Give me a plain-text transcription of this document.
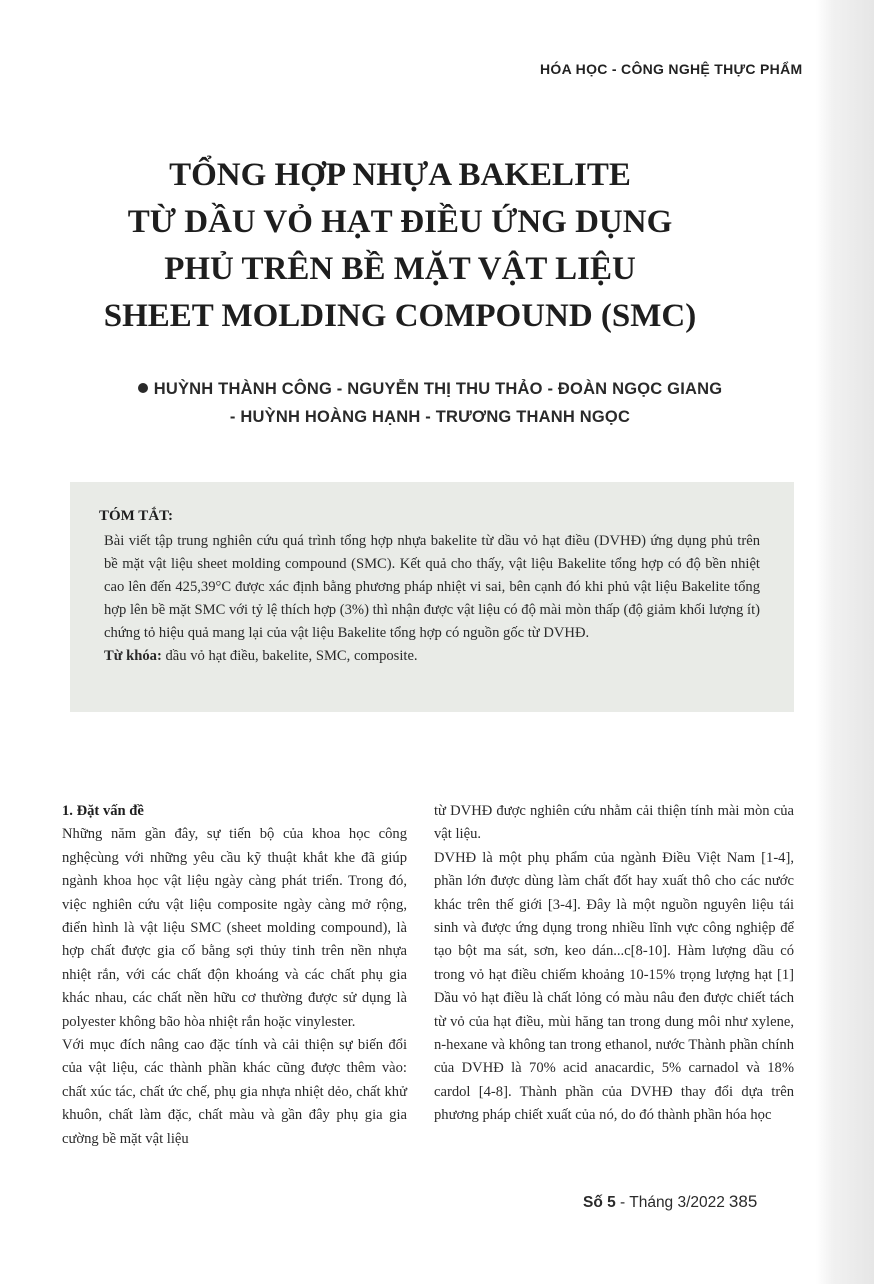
HÓA HỌC - CÔNG NGHỆ THỰC PHẨM
TỔNG HỢP NHỰA BAKELITE
TỪ DẦU VỎ HẠT ĐIỀU ỨNG DỤNG
PHỦ TRÊN BỀ MẶT VẬT LIỆU
SHEET MOLDING COMPOUND (SMC)
HUỲNH THÀNH CÔNG - NGUYỄN THỊ THU THẢO - ĐOÀN NGỌC GIANG
- HUỲNH HOÀNG HẠNH - TRƯƠNG THANH NGỌC
TÓM TẮT:

Bài viết tập trung nghiên cứu quá trình tổng hợp nhựa bakelite từ dầu vỏ hạt điều (DVHĐ) ứng dụng phủ trên bề mặt vật liệu sheet molding compound (SMC). Kết quả cho thấy, vật liệu Bakelite tổng hợp có độ bền nhiệt cao lên đến 425,39°C được xác định bằng phương pháp nhiệt vi sai, bên cạnh đó khi phủ vật liệu Bakelite tổng hợp lên bề mặt SMC với tỷ lệ thích hợp (3%) thì nhận được vật liệu có độ mài mòn thấp (độ giảm khối lượng ít) chứng tỏ hiệu quả mang lại của vật liệu Bakelite tổng hợp có nguồn gốc từ DVHĐ.

Từ khóa: dầu vỏ hạt điều, bakelite, SMC, composite.
1. Đặt vấn đề

Những năm gần đây, sự tiến bộ của khoa học công nghệcùng với những yêu cầu kỹ thuật khắt khe đã giúp ngành khoa học vật liệu ngày càng phát triển. Trong đó, việc nghiên cứu vật liệu composite ngày càng mở rộng, điển hình là vật liệu SMC (sheet molding compound), là hợp chất được gia cố bằng sợi thủy tinh trên nền nhựa nhiệt rắn, với các chất độn khoáng và các chất phụ gia khác nhau, các chất nền hữu cơ thường được sử dụng là polyester không bão hòa nhiệt rắn hoặc vinylester.

Với mục đích nâng cao đặc tính và cải thiện sự biến đổi của vật liệu, các thành phần khác cũng được thêm vào: chất xúc tác, chất ức chế, phụ gia nhựa nhiệt dẻo, chất khử khuôn, chất làm đặc, chất màu và gần đây phụ gia gia cường bề mặt vật liệu

từ DVHĐ được nghiên cứu nhằm cải thiện tính mài mòn của vật liệu.

DVHĐ là một phụ phẩm của ngành Điều Việt Nam [1-4], phần lớn được dùng làm chất đốt hay xuất thô cho các nước khác trên thế giới [3-4]. Đây là một nguồn nguyên liệu tái sinh và được ứng dụng trong nhiều lĩnh vực công nghiệp để tạo bột ma sát, sơn, keo dán...c[8-10]. Hàm lượng dầu có trong vỏ hạt điều chiếm khoảng 10-15% trọng lượng hạt [1] Dầu vỏ hạt điều là chất lỏng có màu nâu đen được chiết tách từ vỏ của hạt điều, mùi hăng tan trong dung môi như xylene, n-hexane và không tan trong ethanol, nước Thành phần chính của DVHĐ là 70% acid anacardic, 5% carnadol và 18% cardol [4-8]. Thành phần của DVHĐ thay đổi dựa trên phương pháp chiết xuất của nó, do đó thành phần hóa học

Số 5 - Tháng 3/2022 385
